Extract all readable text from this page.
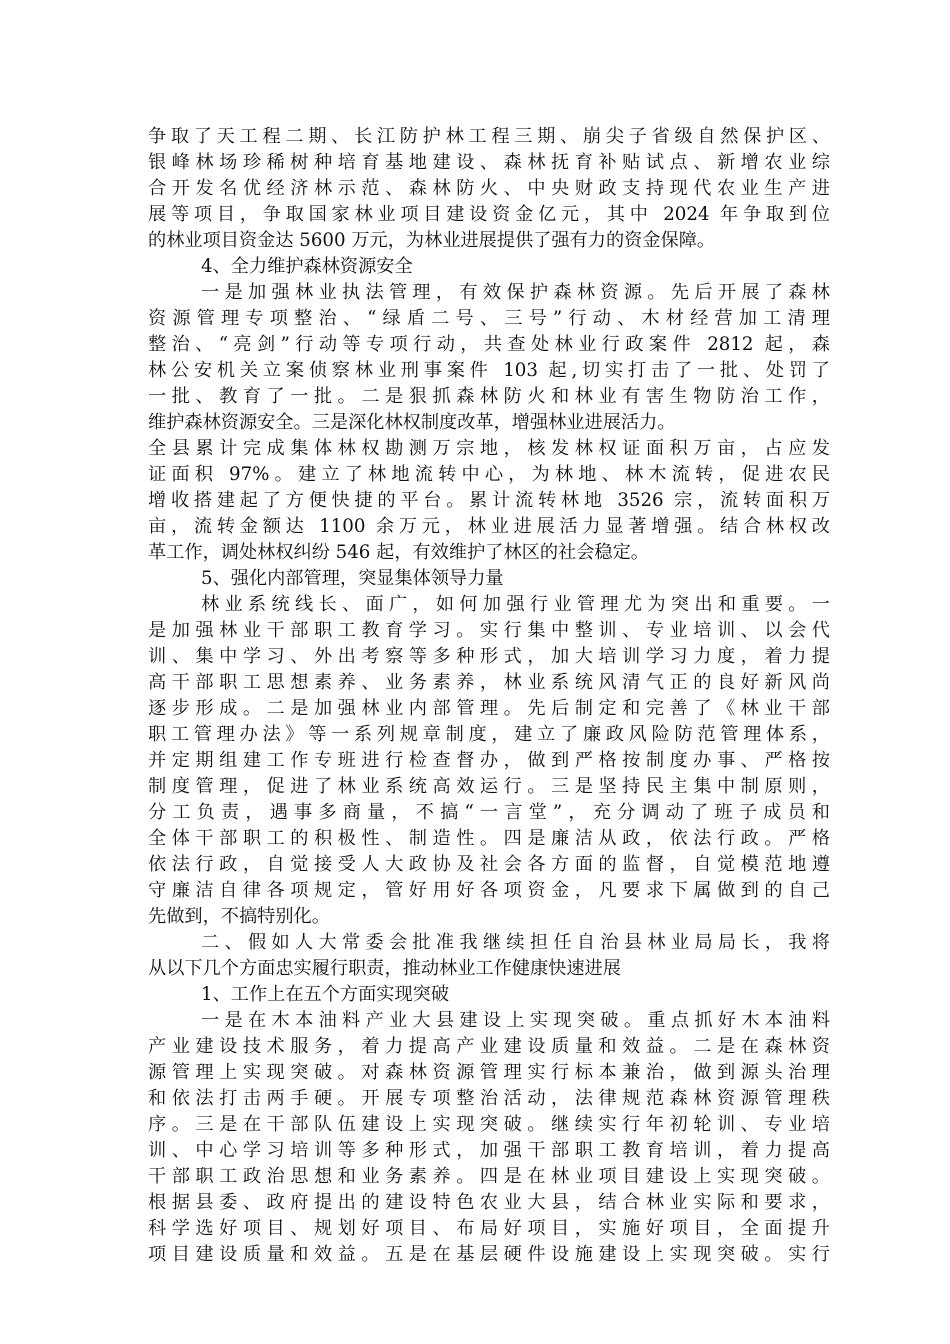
争取了天工程二期、长江防护林工程三期、崩尖子省级自然保护区、
银峰林场珍稀树种培育基地建设、森林抚育补贴试点、新增农业综
合开发名优经济林示范、森林防火、中央财政支持现代农业生产进
展等项目，争取国家林业项目建设资金亿元，其中 2024 年争取到位
的林业项目资金达 5600 万元，为林业进展提供了强有力的资金保障。
4、全力维护森林资源安全
一是加强林业执法管理，有效保护森林资源。先后开展了森林
资源管理专项整治、“绿盾二号、三号”行动、木材经营加工清理
整治、“亮剑”行动等专项行动，共查处林业行政案件 2812 起，森
林公安机关立案侦察林业刑事案件 103 起,切实打击了一批、处罚了
一批、教育了一批。二是狠抓森林防火和林业有害生物防治工作，
维护森林资源安全。三是深化林权制度改革，增强林业进展活力。
全县累计完成集体林权勘测万宗地，核发林权证面积万亩，占应发
证面积 97%。建立了林地流转中心，为林地、林木流转，促进农民
增收搭建起了方便快捷的平台。累计流转林地 3526 宗，流转面积万
亩，流转金额达 1100 余万元，林业进展活力显著增强。结合林权改
革工作，调处林权纠纷 546 起，有效维护了林区的社会稳定。
5、强化内部管理，突显集体领导力量
林业系统线长、面广，如何加强行业管理尤为突出和重要。一
是加强林业干部职工教育学习。实行集中整训、专业培训、以会代
训、集中学习、外出考察等多种形式，加大培训学习力度，着力提
高干部职工思想素养、业务素养，林业系统风清气正的良好新风尚
逐步形成。二是加强林业内部管理。先后制定和完善了《林业干部
职工管理办法》等一系列规章制度，建立了廉政风险防范管理体系，
并定期组建工作专班进行检查督办，做到严格按制度办事、严格按
制度管理，促进了林业系统高效运行。三是坚持民主集中制原则，
分工负责，遇事多商量，不搞“一言堂”，充分调动了班子成员和
全体干部职工的积极性、制造性。四是廉洁从政，依法行政。严格
依法行政，自觉接受人大政协及社会各方面的监督，自觉模范地遵
守廉洁自律各项规定，管好用好各项资金，凡要求下属做到的自己
先做到，不搞特别化。
二、假如人大常委会批准我继续担任自治县林业局局长，我将
从以下几个方面忠实履行职责，推动林业工作健康快速进展
1、工作上在五个方面实现突破
一是在木本油料产业大县建设上实现突破。重点抓好木本油料
产业建设技术服务，着力提高产业建设质量和效益。二是在森林资
源管理上实现突破。对森林资源管理实行标本兼治，做到源头治理
和依法打击两手硬。开展专项整治活动，法律规范森林资源管理秩
序。三是在干部队伍建设上实现突破。继续实行年初轮训、专业培
训、中心学习培训等多种形式，加强干部职工教育培训，着力提高
干部职工政治思想和业务素养。四是在林业项目建设上实现突破。
根据县委、政府提出的建设特色农业大县，结合林业实际和要求，
科学选好项目、规划好项目、布局好项目，实施好项目，全面提升
项目建设质量和效益。五是在基层硬件设施建设上实现突破。实行
